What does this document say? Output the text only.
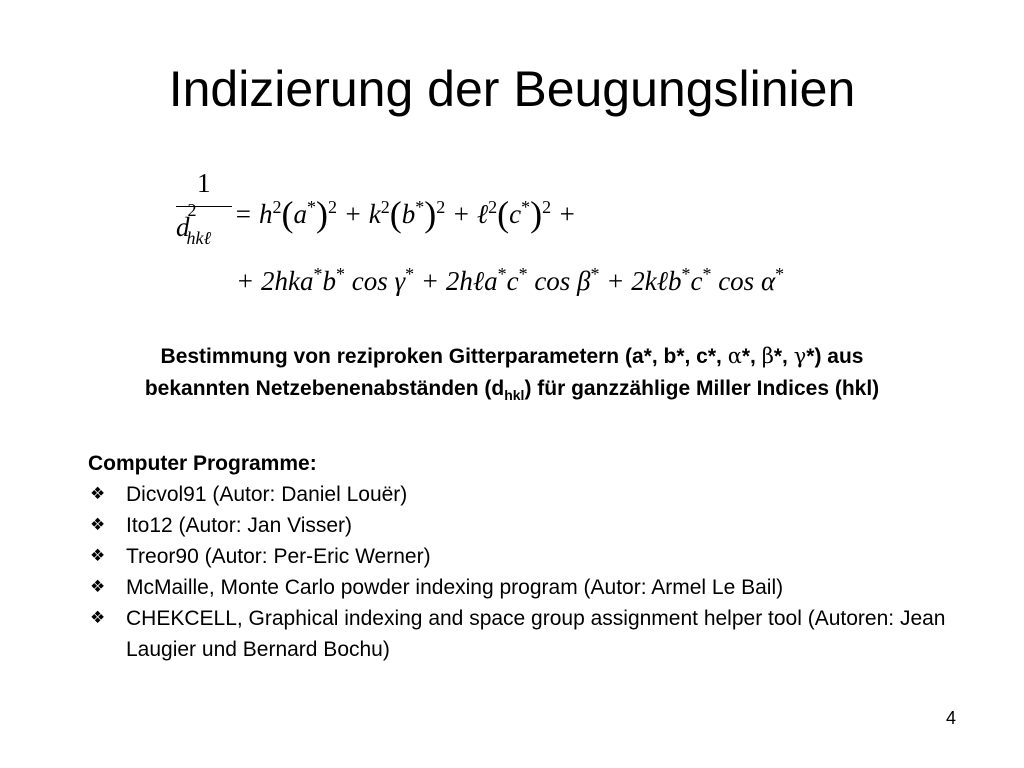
Indizierung der Beugungslinien
1
$d^2_{hk\ell}$
= $h^2(a^*)^2 + k^2(b^*)^2$ + $\ell^2(c^*)^2$ +
+ 2hka*b* cos γ* + 2hℓa*c* cos β* + 2kℓb*c* cos α*
Bestimmung von reziproken Gitterparametern (a*, b*, c*, α*, β*, γ*) aus
bekannten Netzebenenabständen $(d_{hkl})$ für ganzzählige Miller Indices (hkl)
Computer Programme:
❖ Dicvol91 (Autor: Daniel Louër)
❖ Ito12 (Autor: Jan Visser)
❖ Treor90 (Autor: Per-Eric Werner)
❖ McMaille, Monte Carlo powder indexing program (Autor: Armel Le Bail)
❖ CHEKCELL, Graphical indexing and space group assignment helper tool (Autoren: Jean Laugier und Bernard Bochu)
4
